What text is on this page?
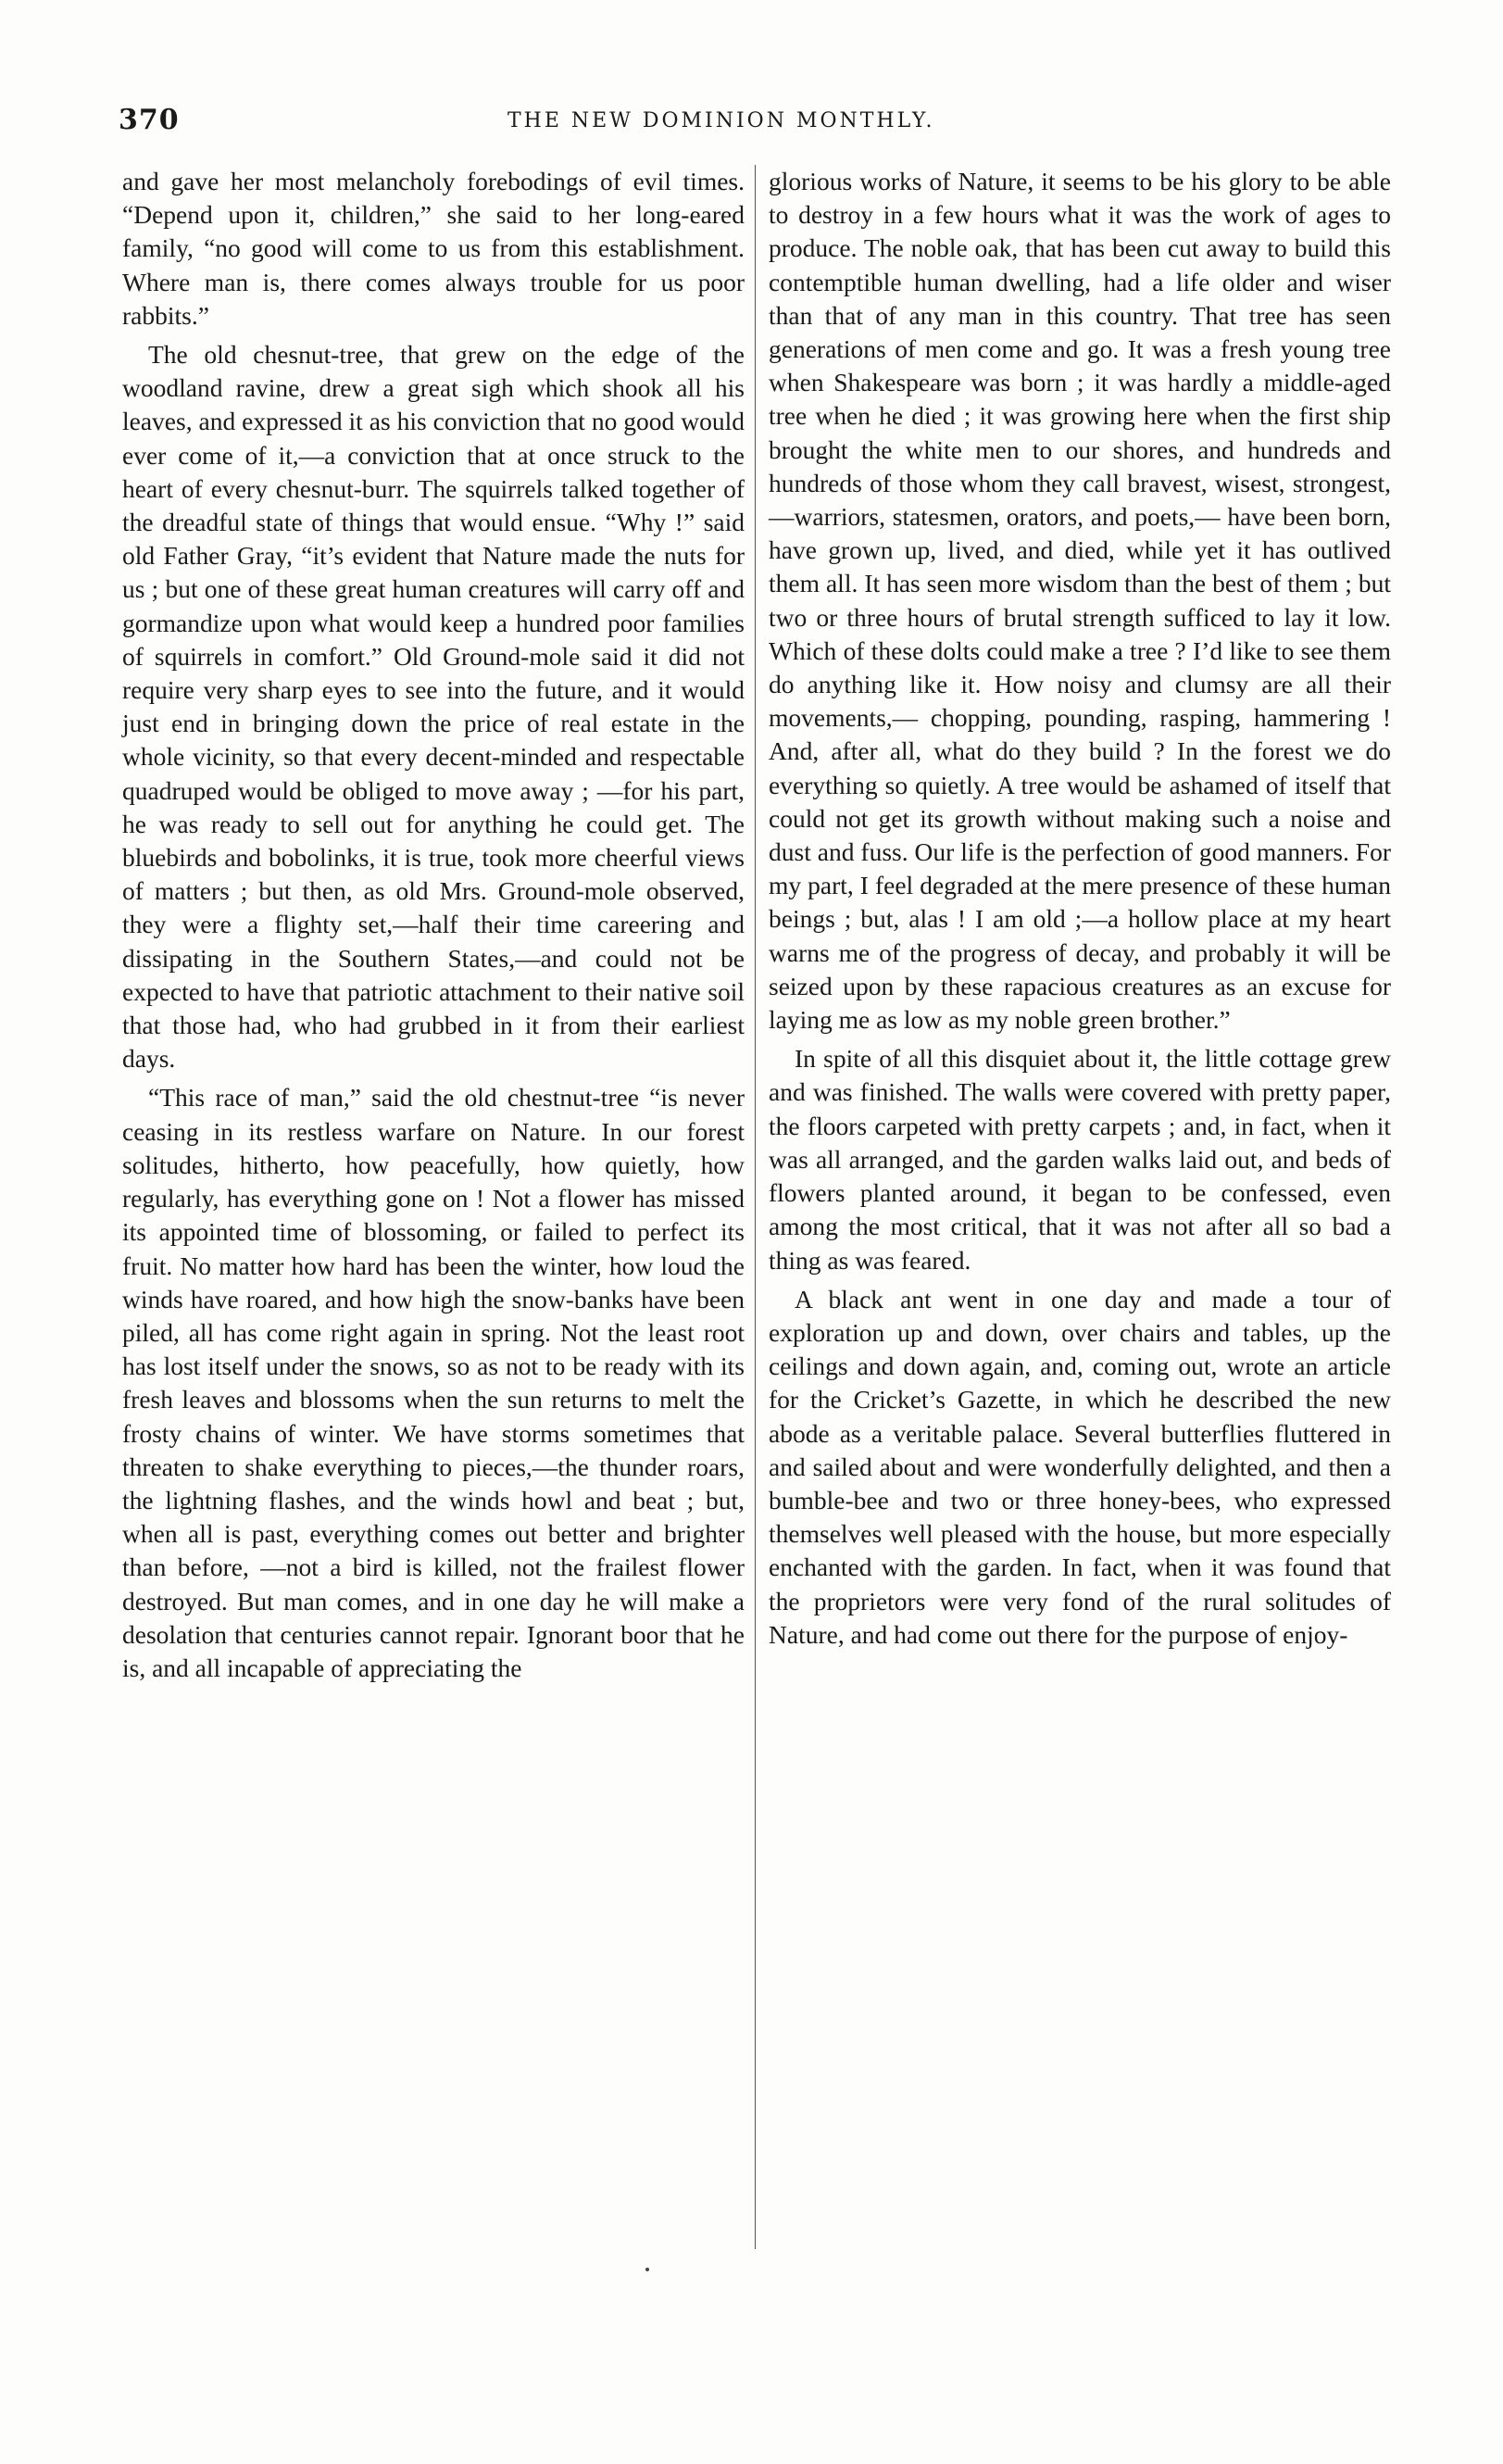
370	THE NEW DOMINION MONTHLY.

and gave her most melancholy forebodings of evil times. “Depend upon it, children,” she said to her long-eared family, “no good will come to us from this establishment. Where man is, there comes always trouble for us poor rabbits.”

The old chesnut-tree, that grew on the edge of the woodland ravine, drew a great sigh which shook all his leaves, and expressed it as his conviction that no good would ever come of it,—a conviction that at once struck to the heart of every chesnut-burr. The squirrels talked together of the dreadful state of things that would ensue. “Why !” said old Father Gray, “it’s evident that Nature made the nuts for us ; but one of these great human creatures will carry off and gormandize upon what would keep a hundred poor families of squirrels in comfort.” Old Ground-mole said it did not require very sharp eyes to see into the future, and it would just end in bringing down the price of real estate in the whole vicinity, so that every decent-minded and respectable quadruped would be obliged to move away ; —for his part, he was ready to sell out for anything he could get. The bluebirds and bobolinks, it is true, took more cheerful views of matters ; but then, as old Mrs. Ground-mole observed, they were a flighty set,—half their time careering and dissipating in the Southern States,—and could not be expected to have that patriotic attachment to their native soil that those had, who had grubbed in it from their earliest days.

“This race of man,” said the old chestnut-tree “is never ceasing in its restless warfare on Nature. In our forest solitudes, hitherto, how peacefully, how quietly, how regularly, has everything gone on ! Not a flower has missed its appointed time of blossoming, or failed to perfect its fruit. No matter how hard has been the winter, how loud the winds have roared, and how high the snow-banks have been piled, all has come right again in spring. Not the least root has lost itself under the snows, so as not to be ready with its fresh leaves and blossoms when the sun returns to melt the frosty chains of winter. We have storms sometimes that threaten to shake everything to pieces,—the thunder roars, the lightning flashes, and the winds howl and beat ; but, when all is past, everything comes out better and brighter than before, —not a bird is killed, not the frailest flower destroyed. But man comes, and in one day he will make a desolation that centuries cannot repair. Ignorant boor that he is, and all incapable of appreciating the

glorious works of Nature, it seems to be his glory to be able to destroy in a few hours what it was the work of ages to produce. The noble oak, that has been cut away to build this contemptible human dwelling, had a life older and wiser than that of any man in this country. That tree has seen generations of men come and go. It was a fresh young tree when Shakespeare was born ; it was hardly a middle-aged tree when he died ; it was growing here when the first ship brought the white men to our shores, and hundreds and hundreds of those whom they call bravest, wisest, strongest, —warriors, statesmen, orators, and poets,— have been born, have grown up, lived, and died, while yet it has outlived them all. It has seen more wisdom than the best of them ; but two or three hours of brutal strength sufficed to lay it low. Which of these dolts could make a tree ? I’d like to see them do anything like it. How noisy and clumsy are all their movements,— chopping, pounding, rasping, hammering ! And, after all, what do they build ? In the forest we do everything so quietly. A tree would be ashamed of itself that could not get its growth without making such a noise and dust and fuss. Our life is the perfection of good manners. For my part, I feel degraded at the mere presence of these human beings ; but, alas ! I am old ;—a hollow place at my heart warns me of the progress of decay, and probably it will be seized upon by these rapacious creatures as an excuse for laying me as low as my noble green brother.”

In spite of all this disquiet about it, the little cottage grew and was finished. The walls were covered with pretty paper, the floors carpeted with pretty carpets ; and, in fact, when it was all arranged, and the garden walks laid out, and beds of flowers planted around, it began to be confessed, even among the most critical, that it was not after all so bad a thing as was feared.

A black ant went in one day and made a tour of exploration up and down, over chairs and tables, up the ceilings and down again, and, coming out, wrote an article for the Cricket’s Gazette, in which he described the new abode as a veritable palace. Several butterflies fluttered in and sailed about and were wonderfully delighted, and then a bumble-bee and two or three honey-bees, who expressed themselves well pleased with the house, but more especially enchanted with the garden. In fact, when it was found that the proprietors were very fond of the rural solitudes of Nature, and had come out there for the purpose of enjoy-
